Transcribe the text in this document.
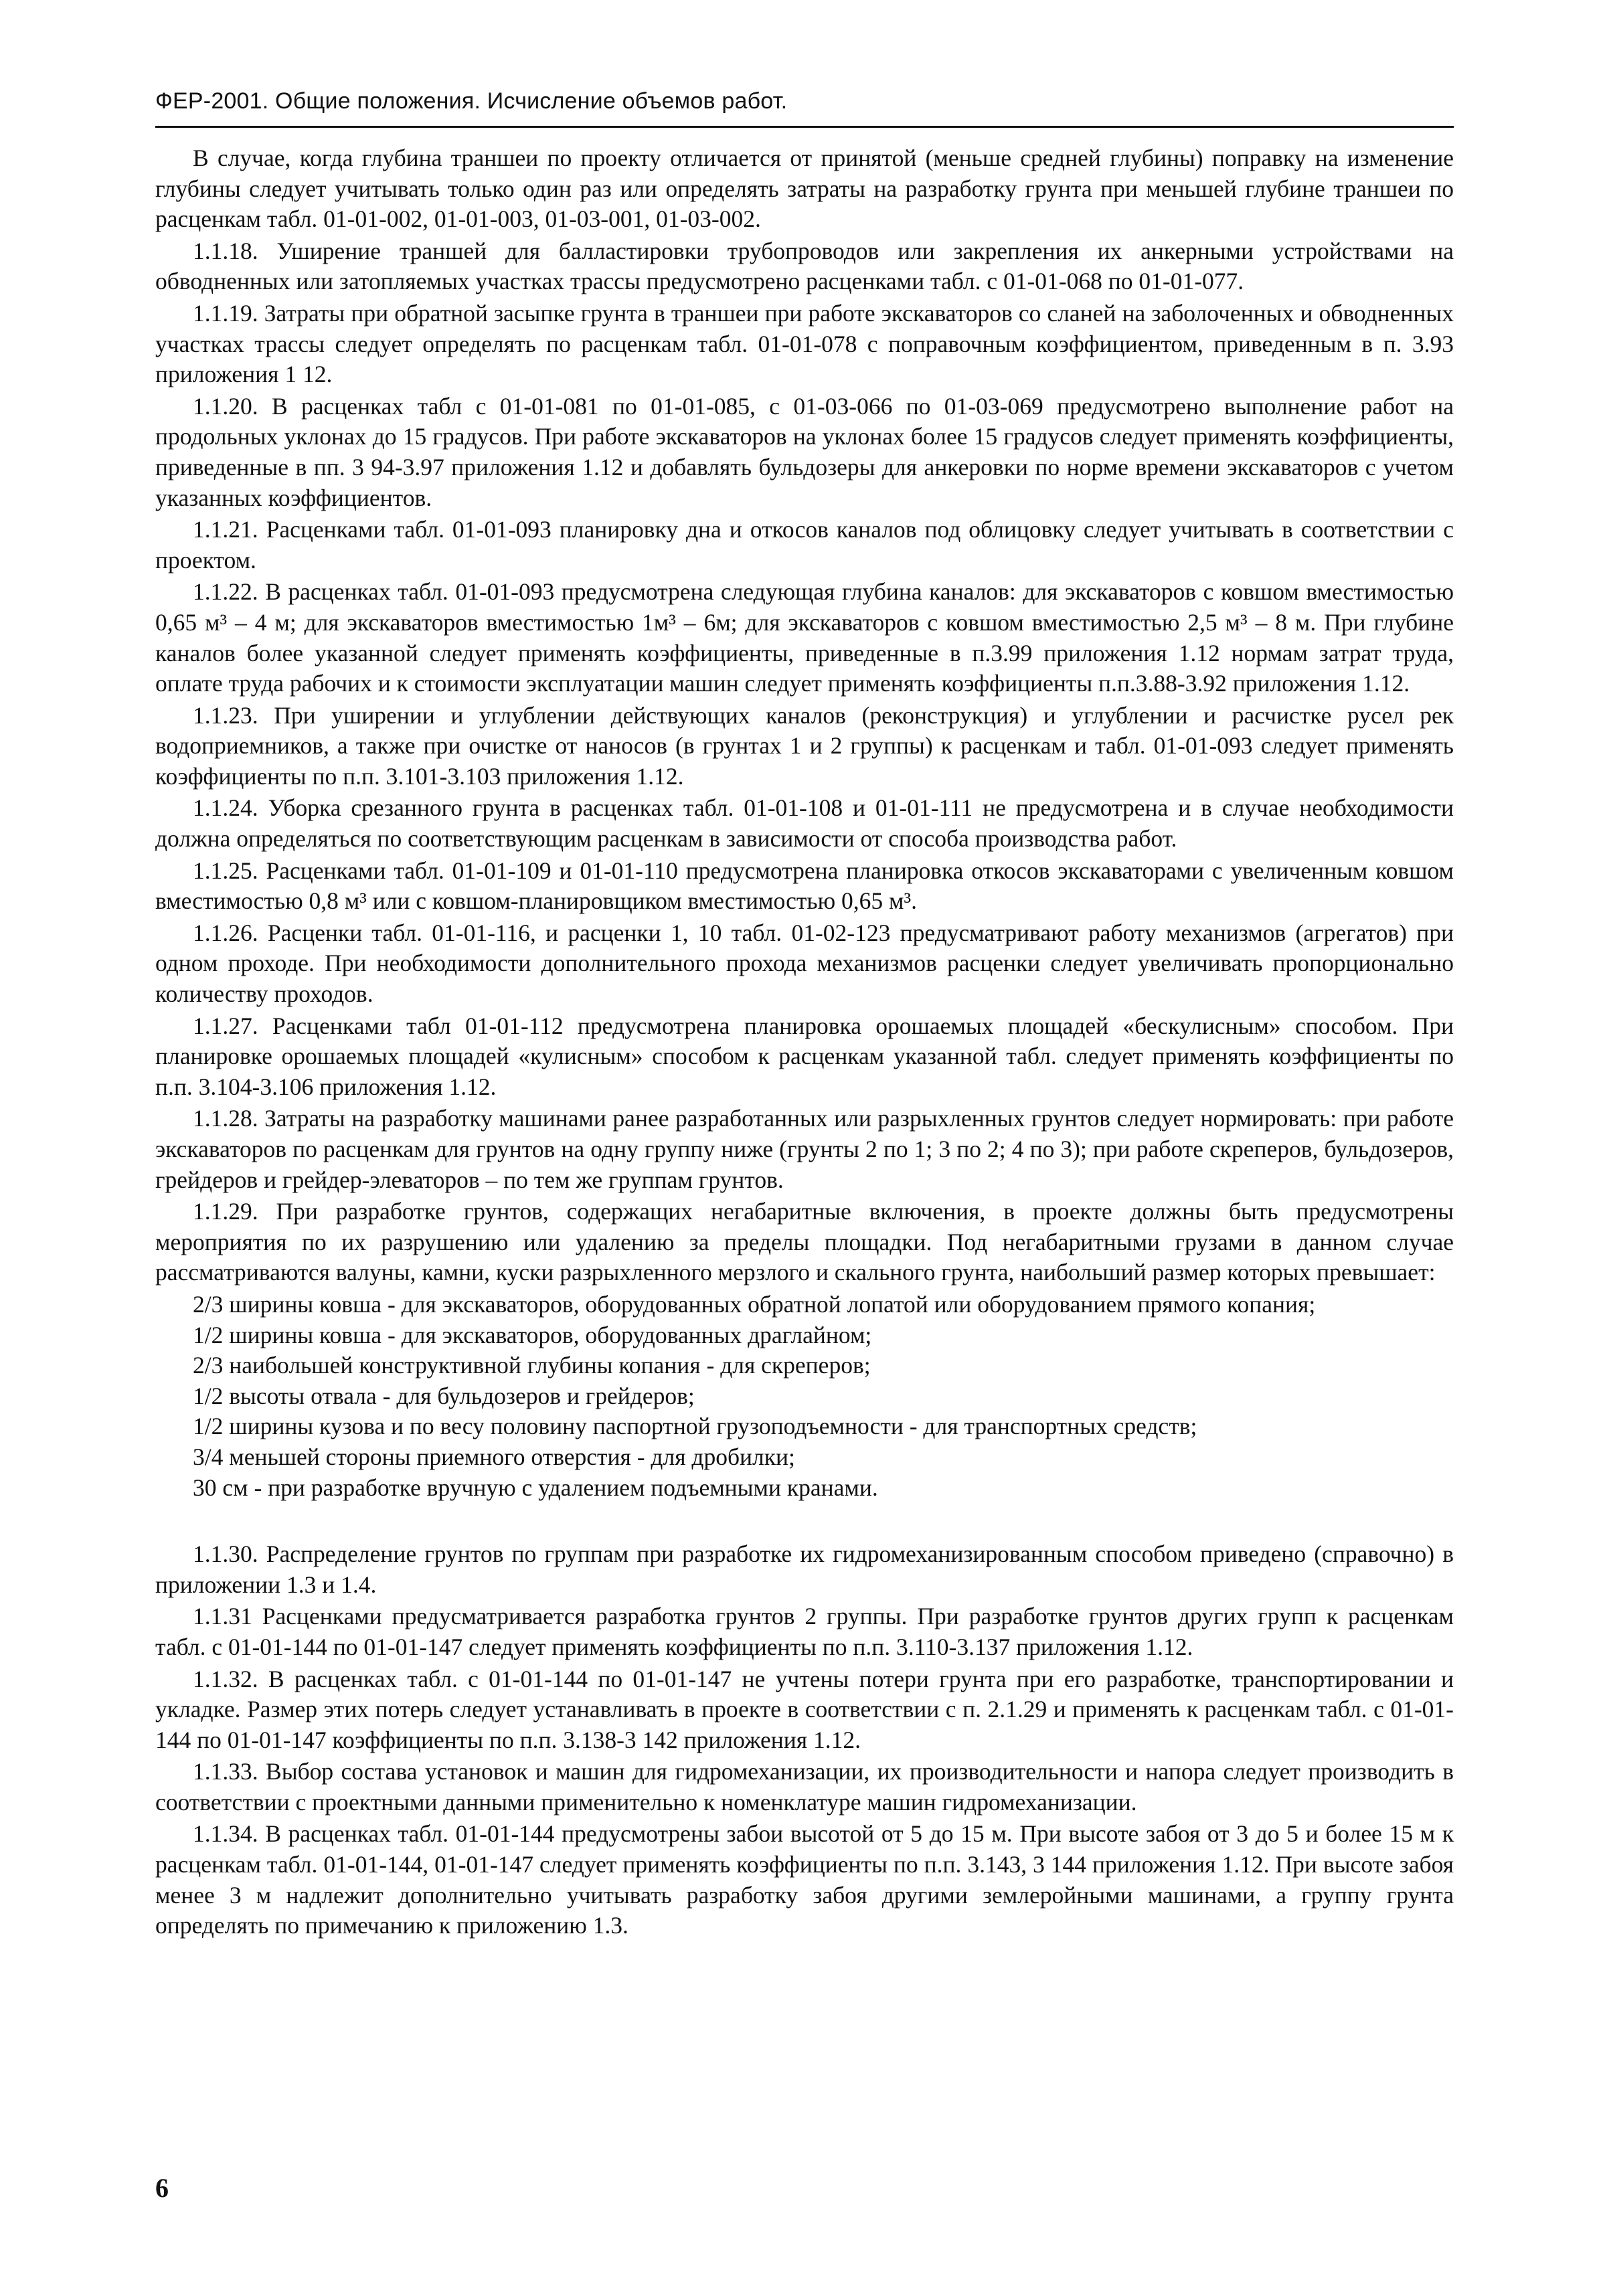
ФЕР-2001. Общие положения. Исчисление объемов работ.

В случае, когда глубина траншеи по проекту отличается от принятой (меньше средней глубины) поправку на изменение глубины следует учитывать только один раз или определять затраты на разработку грунта при меньшей глубине траншеи по расценкам табл. 01-01-002, 01-01-003, 01-03-001, 01-03-002.

1.1.18. Уширение траншей для балластировки трубопроводов или закрепления их анкерными устройствами на обводненных или затопляемых участках трассы предусмотрено расценками табл. с 01-01-068 по 01-01-077.

1.1.19. Затраты при обратной засыпке грунта в траншеи при работе экскаваторов со сланей на заболоченных и обводненных участках трассы следует определять по расценкам табл. 01-01-078 с поправочным коэффициентом, приведенным в п. 3.93 приложения 1 12.

1.1.20. В расценках табл с 01-01-081 по 01-01-085, с 01-03-066 по 01-03-069 предусмотрено выполнение работ на продольных уклонах до 15 градусов. При работе экскаваторов на уклонах более 15 градусов следует применять коэффициенты, приведенные в пп. 3 94-3.97 приложения 1.12 и добавлять бульдозеры для анкеровки по норме времени экскаваторов с учетом указанных коэффициентов.

1.1.21. Расценками табл. 01-01-093 планировку дна и откосов каналов под облицовку следует учитывать в соответствии с проектом.

1.1.22. В расценках табл. 01-01-093 предусмотрена следующая глубина каналов: для экскаваторов с ковшом вместимостью 0,65 м³ – 4 м; для экскаваторов вместимостью 1м³ – 6м; для экскаваторов с ковшом вместимостью 2,5 м³ – 8 м. При глубине каналов более указанной следует применять коэффициенты, приведенные в п.3.99 приложения 1.12 нормам затрат труда, оплате труда рабочих и к стоимости эксплуатации машин следует применять коэффициенты п.п.3.88-3.92 приложения 1.12.

1.1.23. При уширении и углублении действующих каналов (реконструкция) и углублении и расчистке русел рек водоприемников, а также при очистке от наносов (в грунтах 1 и 2 группы) к расценкам и табл. 01-01-093 следует применять коэффициенты по п.п. 3.101-3.103 приложения 1.12.

1.1.24. Уборка срезанного грунта в расценках табл. 01-01-108 и 01-01-111 не предусмотрена и в случае необходимости должна определяться по соответствующим расценкам в зависимости от способа производства работ.

1.1.25. Расценками табл. 01-01-109 и 01-01-110 предусмотрена планировка откосов экскаваторами с увеличенным ковшом вместимостью 0,8 м³ или с ковшом-планировщиком вместимостью 0,65 м³.

1.1.26. Расценки табл. 01-01-116, и расценки 1, 10 табл. 01-02-123 предусматривают работу механизмов (агрегатов) при одном проходе. При необходимости дополнительного прохода механизмов расценки следует увеличивать пропорционально количеству проходов.

1.1.27. Расценками табл 01-01-112 предусмотрена планировка орошаемых площадей «бескулисным» способом. При планировке орошаемых площадей «кулисным» способом к расценкам указанной табл. следует применять коэффициенты по п.п. 3.104-3.106 приложения 1.12.

1.1.28. Затраты на разработку машинами ранее разработанных или разрыхленных грунтов следует нормировать: при работе экскаваторов по расценкам для грунтов на одну группу ниже (грунты 2 по 1; 3 по 2; 4 по 3); при работе скреперов, бульдозеров, грейдеров и грейдер-элеваторов – по тем же группам грунтов.

1.1.29. При разработке грунтов, содержащих негабаритные включения, в проекте должны быть предусмотрены мероприятия по их разрушению или удалению за пределы площадки. Под негабаритными грузами в данном случае рассматриваются валуны, камни, куски разрыхленного мерзлого и скального грунта, наибольший размер которых превышает:

2/3 ширины ковша - для экскаваторов, оборудованных обратной лопатой или оборудованием прямого копания;

1/2 ширины ковша - для экскаваторов, оборудованных драглайном;

2/3 наибольшей конструктивной глубины копания - для скреперов;

1/2 высоты отвала - для бульдозеров и грейдеров;

1/2 ширины кузова и по весу половину паспортной грузоподъемности - для транспортных средств;

3/4 меньшей стороны приемного отверстия - для дробилки;

30 см - при разработке вручную с удалением подъемными кранами.

1.1.30. Распределение грунтов по группам при разработке их гидромеханизированным способом приведено (справочно) в приложении 1.3 и 1.4.

1.1.31 Расценками предусматривается разработка грунтов 2 группы. При разработке грунтов других групп к расценкам табл. с 01-01-144 по 01-01-147 следует применять коэффициенты по п.п. 3.110-3.137 приложения 1.12.

1.1.32. В расценках табл. с 01-01-144 по 01-01-147 не учтены потери грунта при его разработке, транспортировании и укладке. Размер этих потерь следует устанавливать в проекте в соответствии с п. 2.1.29 и применять к расценкам табл. с 01-01-144 по 01-01-147 коэффициенты по п.п. 3.138-3 142 приложения 1.12.

1.1.33. Выбор состава установок и машин для гидромеханизации, их производительности и напора следует производить в соответствии с проектными данными применительно к номенклатуре машин гидромеханизации.

1.1.34. В расценках табл. 01-01-144 предусмотрены забои высотой от 5 до 15 м. При высоте забоя от 3 до 5 и более 15 м к расценкам табл. 01-01-144, 01-01-147 следует применять коэффициенты по п.п. 3.143, 3 144 приложения 1.12. При высоте забоя менее 3 м надлежит дополнительно учитывать разработку забоя другими землеройными машинами, а группу грунта определять по примечанию к приложению 1.3.

6
